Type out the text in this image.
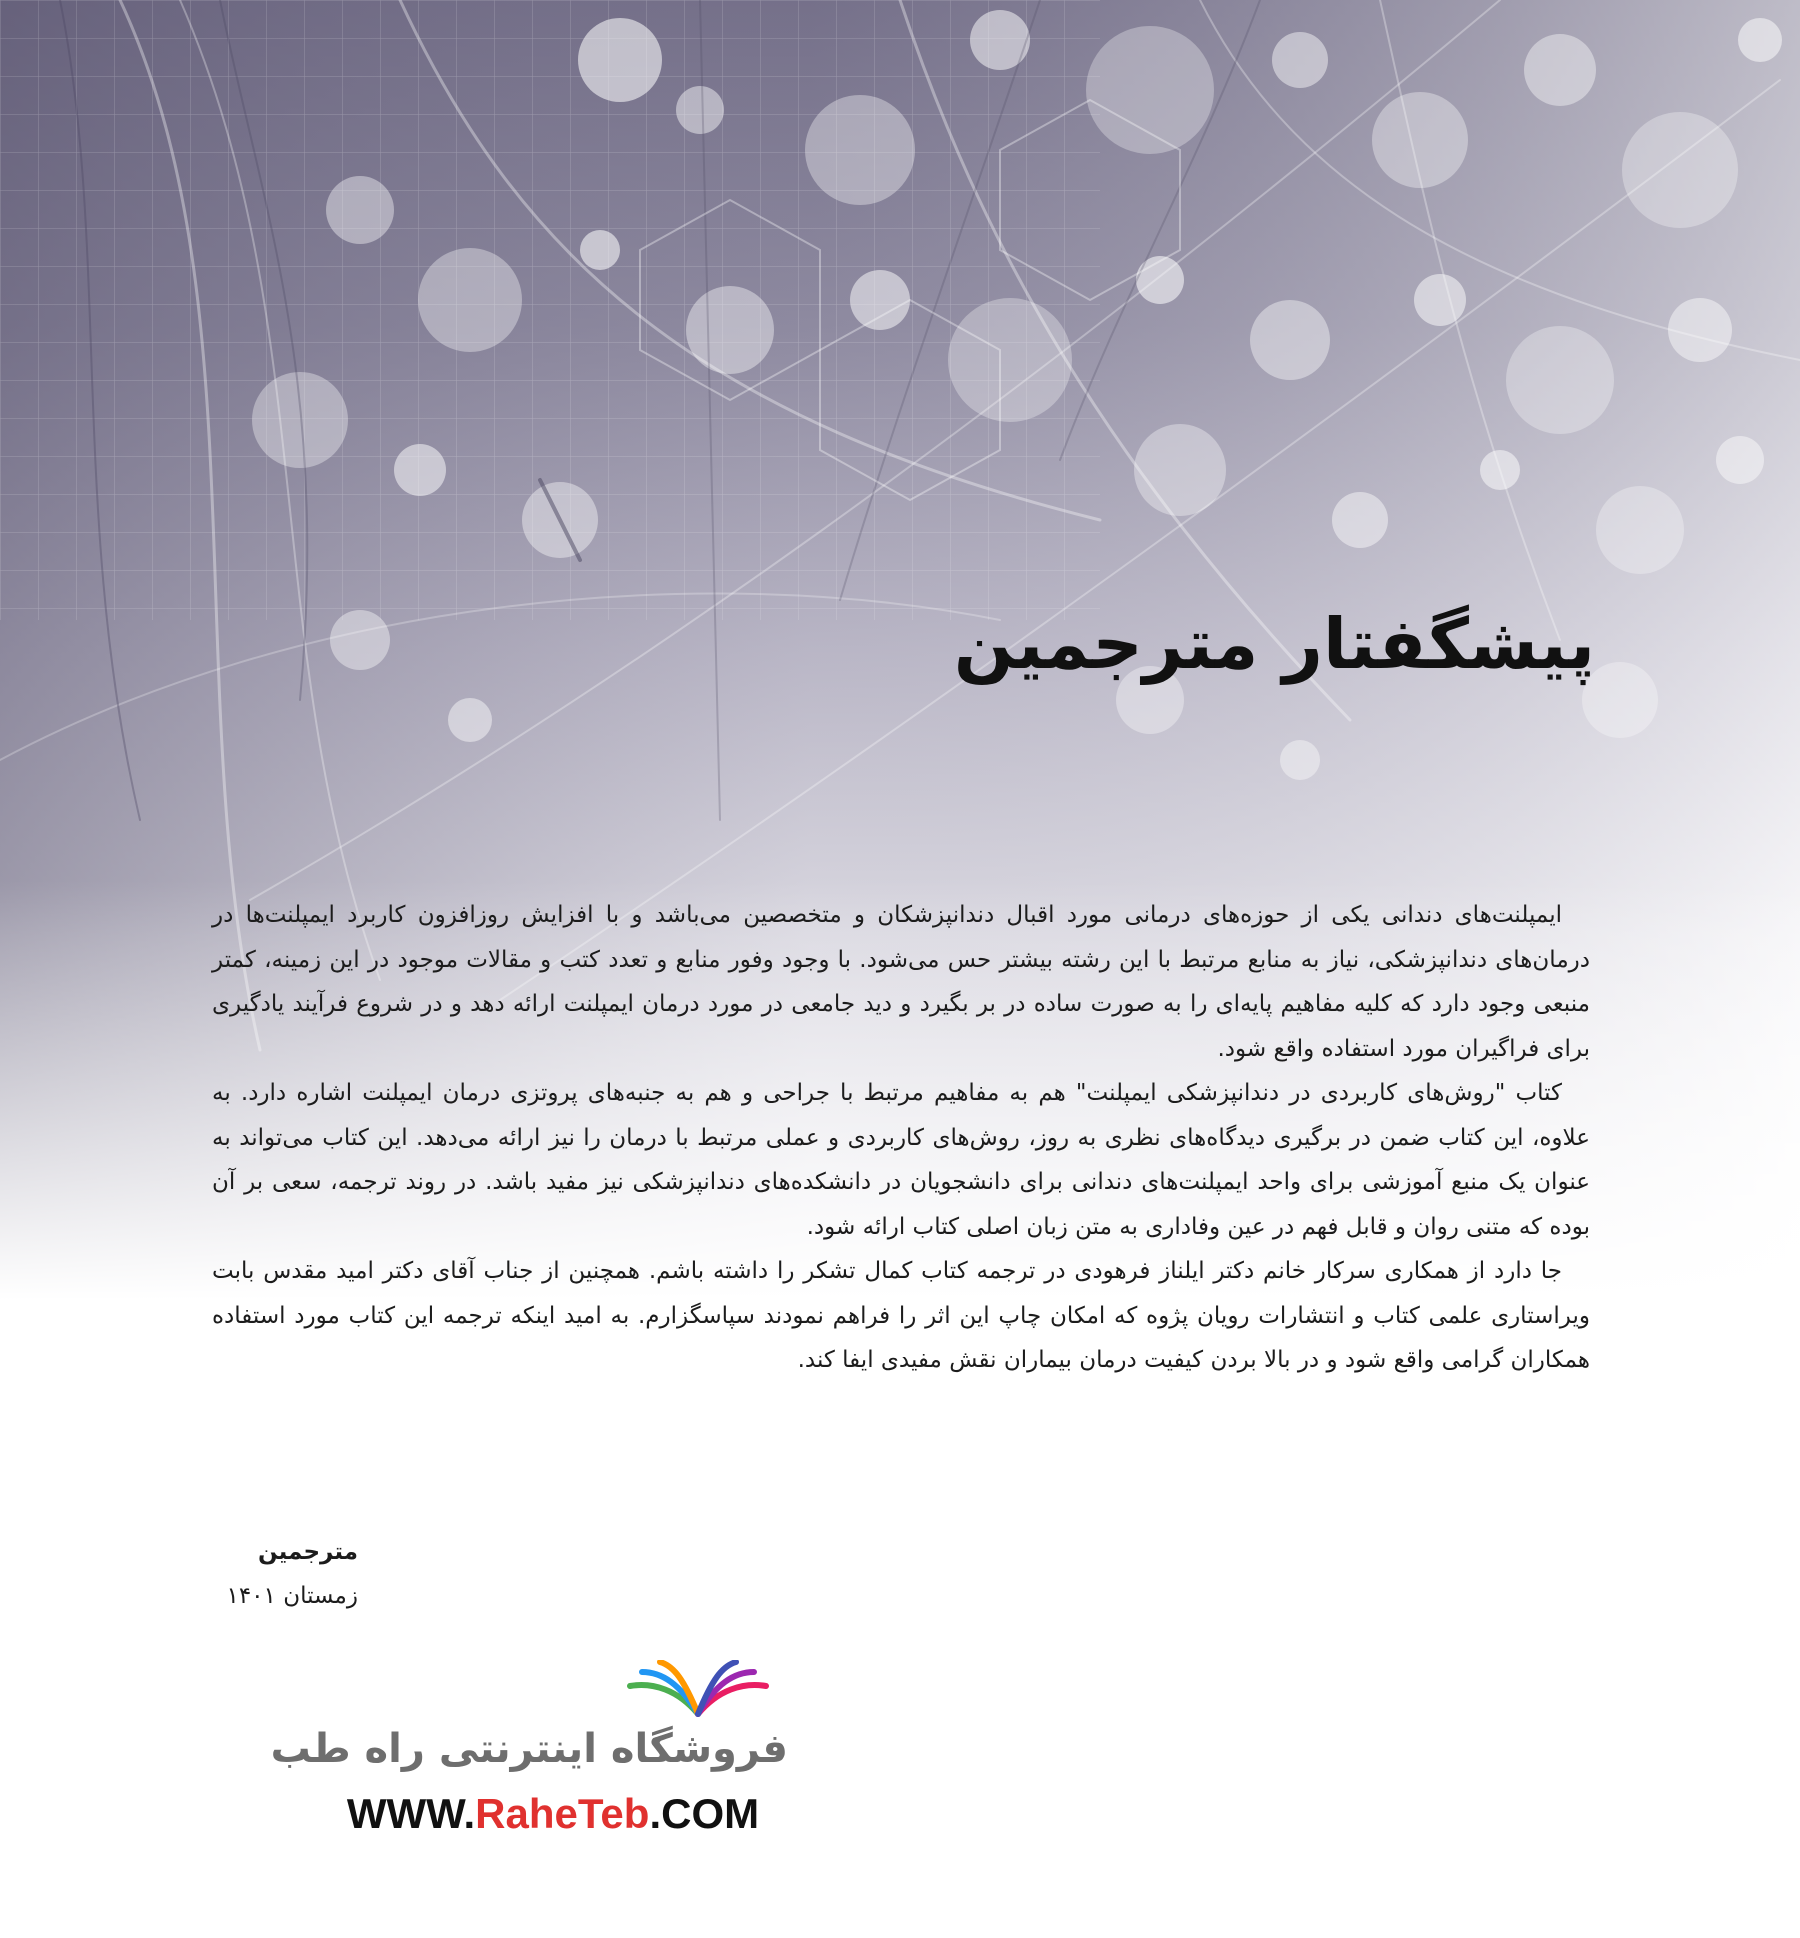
پیشگفتار مترجمین

ایمپلنت‌های دندانی یکی از حوزه‌های درمانی مورد اقبال دندانپزشکان و متخصصین می‌باشد و با افزایش روزافزون کاربرد ایمپلنت‌ها در درمان‌های دندانپزشکی، نیاز به منابع مرتبط با این رشته بیشتر حس می‌شود. با وجود وفور منابع و تعدد کتب و مقالات موجود در این زمینه، کمتر منبعی وجود دارد که کلیه مفاهیم پایه‌ای را به صورت ساده در بر بگیرد و دید جامعی در مورد درمان ایمپلنت ارائه دهد و در شروع فرآیند یادگیری برای فراگیران مورد استفاده واقع شود.

کتاب "روش‌های کاربردی در دندانپزشکی ایمپلنت" هم به مفاهیم مرتبط با جراحی و هم به جنبه‌های پروتزی درمان ایمپلنت اشاره دارد. به علاوه، این کتاب ضمن در برگیری دیدگاه‌های نظری به روز، روش‌های کاربردی و عملی مرتبط با درمان را نیز ارائه می‌دهد. این کتاب می‌تواند به عنوان یک منبع آموزشی برای واحد ایمپلنت‌های دندانی برای دانشجویان در دانشکده‌های دندانپزشکی نیز مفید باشد. در روند ترجمه، سعی بر آن بوده که متنی روان و قابل فهم در عین وفاداری به متن زبان اصلی کتاب ارائه شود.

جا دارد از همکاری سرکار خانم دکتر ایلناز فرهودی در ترجمه کتاب کمال تشکر را داشته باشم. همچنین از جناب آقای دکتر امید مقدس بابت ویراستاری علمی کتاب و انتشارات رویان پژوه که امکان چاپ این اثر را فراهم نمودند سپاسگزارم. به امید اینکه ترجمه این کتاب مورد استفاده همکاران گرامی واقع شود و در بالا بردن کیفیت درمان بیماران نقش مفیدی ایفا کند.

مترجمین
زمستان ۱۴۰۱
فروشگاه اینترنتی راه طب
WWW.RaheTeb.COM
